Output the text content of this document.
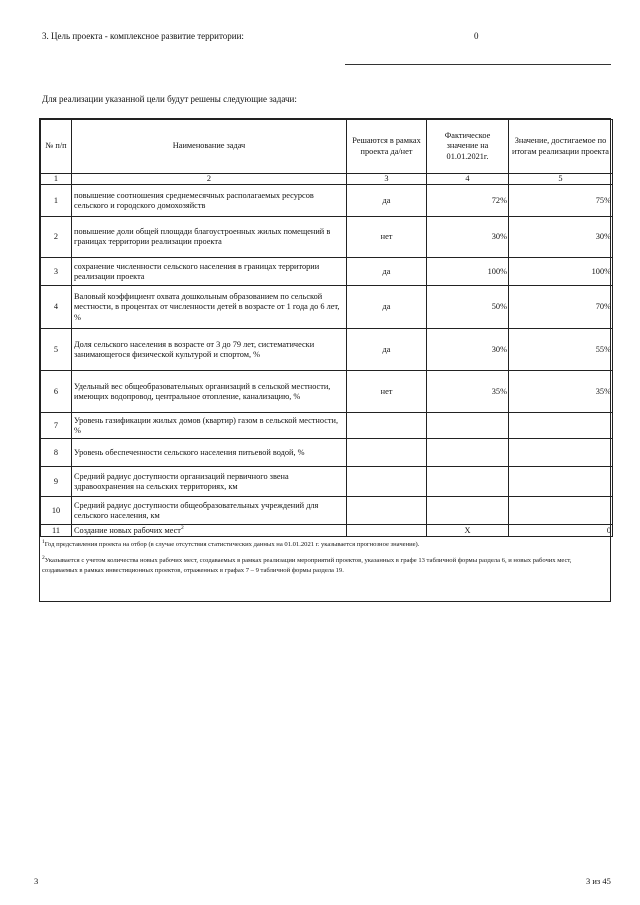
3. Цель проекта - комплексное развитие территории:	0
Для реализации указанной цели будут решены следующие задачи:
№ п/п	Наименование задач	Решаются в рамках проекта да/нет	Фактическое значение на 01.01.2021г.	Значение, достигаемое по итогам реализации проекта
1	2	3	4	5
1	повышение соотношения среднемесячных располагаемых ресурсов сельского и городского домохозяйств	да	72%	75%
2	повышение доли общей площади благоустроенных жилых помещений в границах территории реализации проекта	нет	30%	30%
3	сохранение численности сельского населения в границах территории реализации проекта	да	100%	100%
4	Валовый коэффициент охвата дошкольным образованием по сельской местности, в процентах от численности детей в возрасте от 1 года до 6 лет, %	да	50%	70%
5	Доля сельского населения в возрасте от 3 до 79 лет, систематически занимающегося физической культурой и спортом, %	да	30%	55%
6	Удельный вес общеобразовательных организаций в сельской местности, имеющих водопровод, центральное отопление, канализацию, %	нет	35%	35%
7	Уровень газификации жилых домов (квартир) газом в сельской местности, %			
8	Уровень обеспеченности сельского населения питьевой водой, %			
9	Средний радиус доступности организаций первичного звена здравоохранения на сельских территориях, км			
10	Средний радиус доступности общеобразовательных учреждений для сельского населения, км			
11	Создание новых рабочих мест$^2$		X	0

$^1$Год представления проекта на отбор (в случае отсутствия статистических данных на 01.01.2021 г. указывается прогнозное значение).

$^2$Указывается с учетом количества новых рабочих мест, создаваемых в рамках реализации мероприятий проектов, указанных в графе 13 табличной формы раздела 6, и новых рабочих мест, создаваемых в рамках инвестиционных проектов, отраженных в графах 7 – 9 табличной формы раздела 19.

3	3 из 45
